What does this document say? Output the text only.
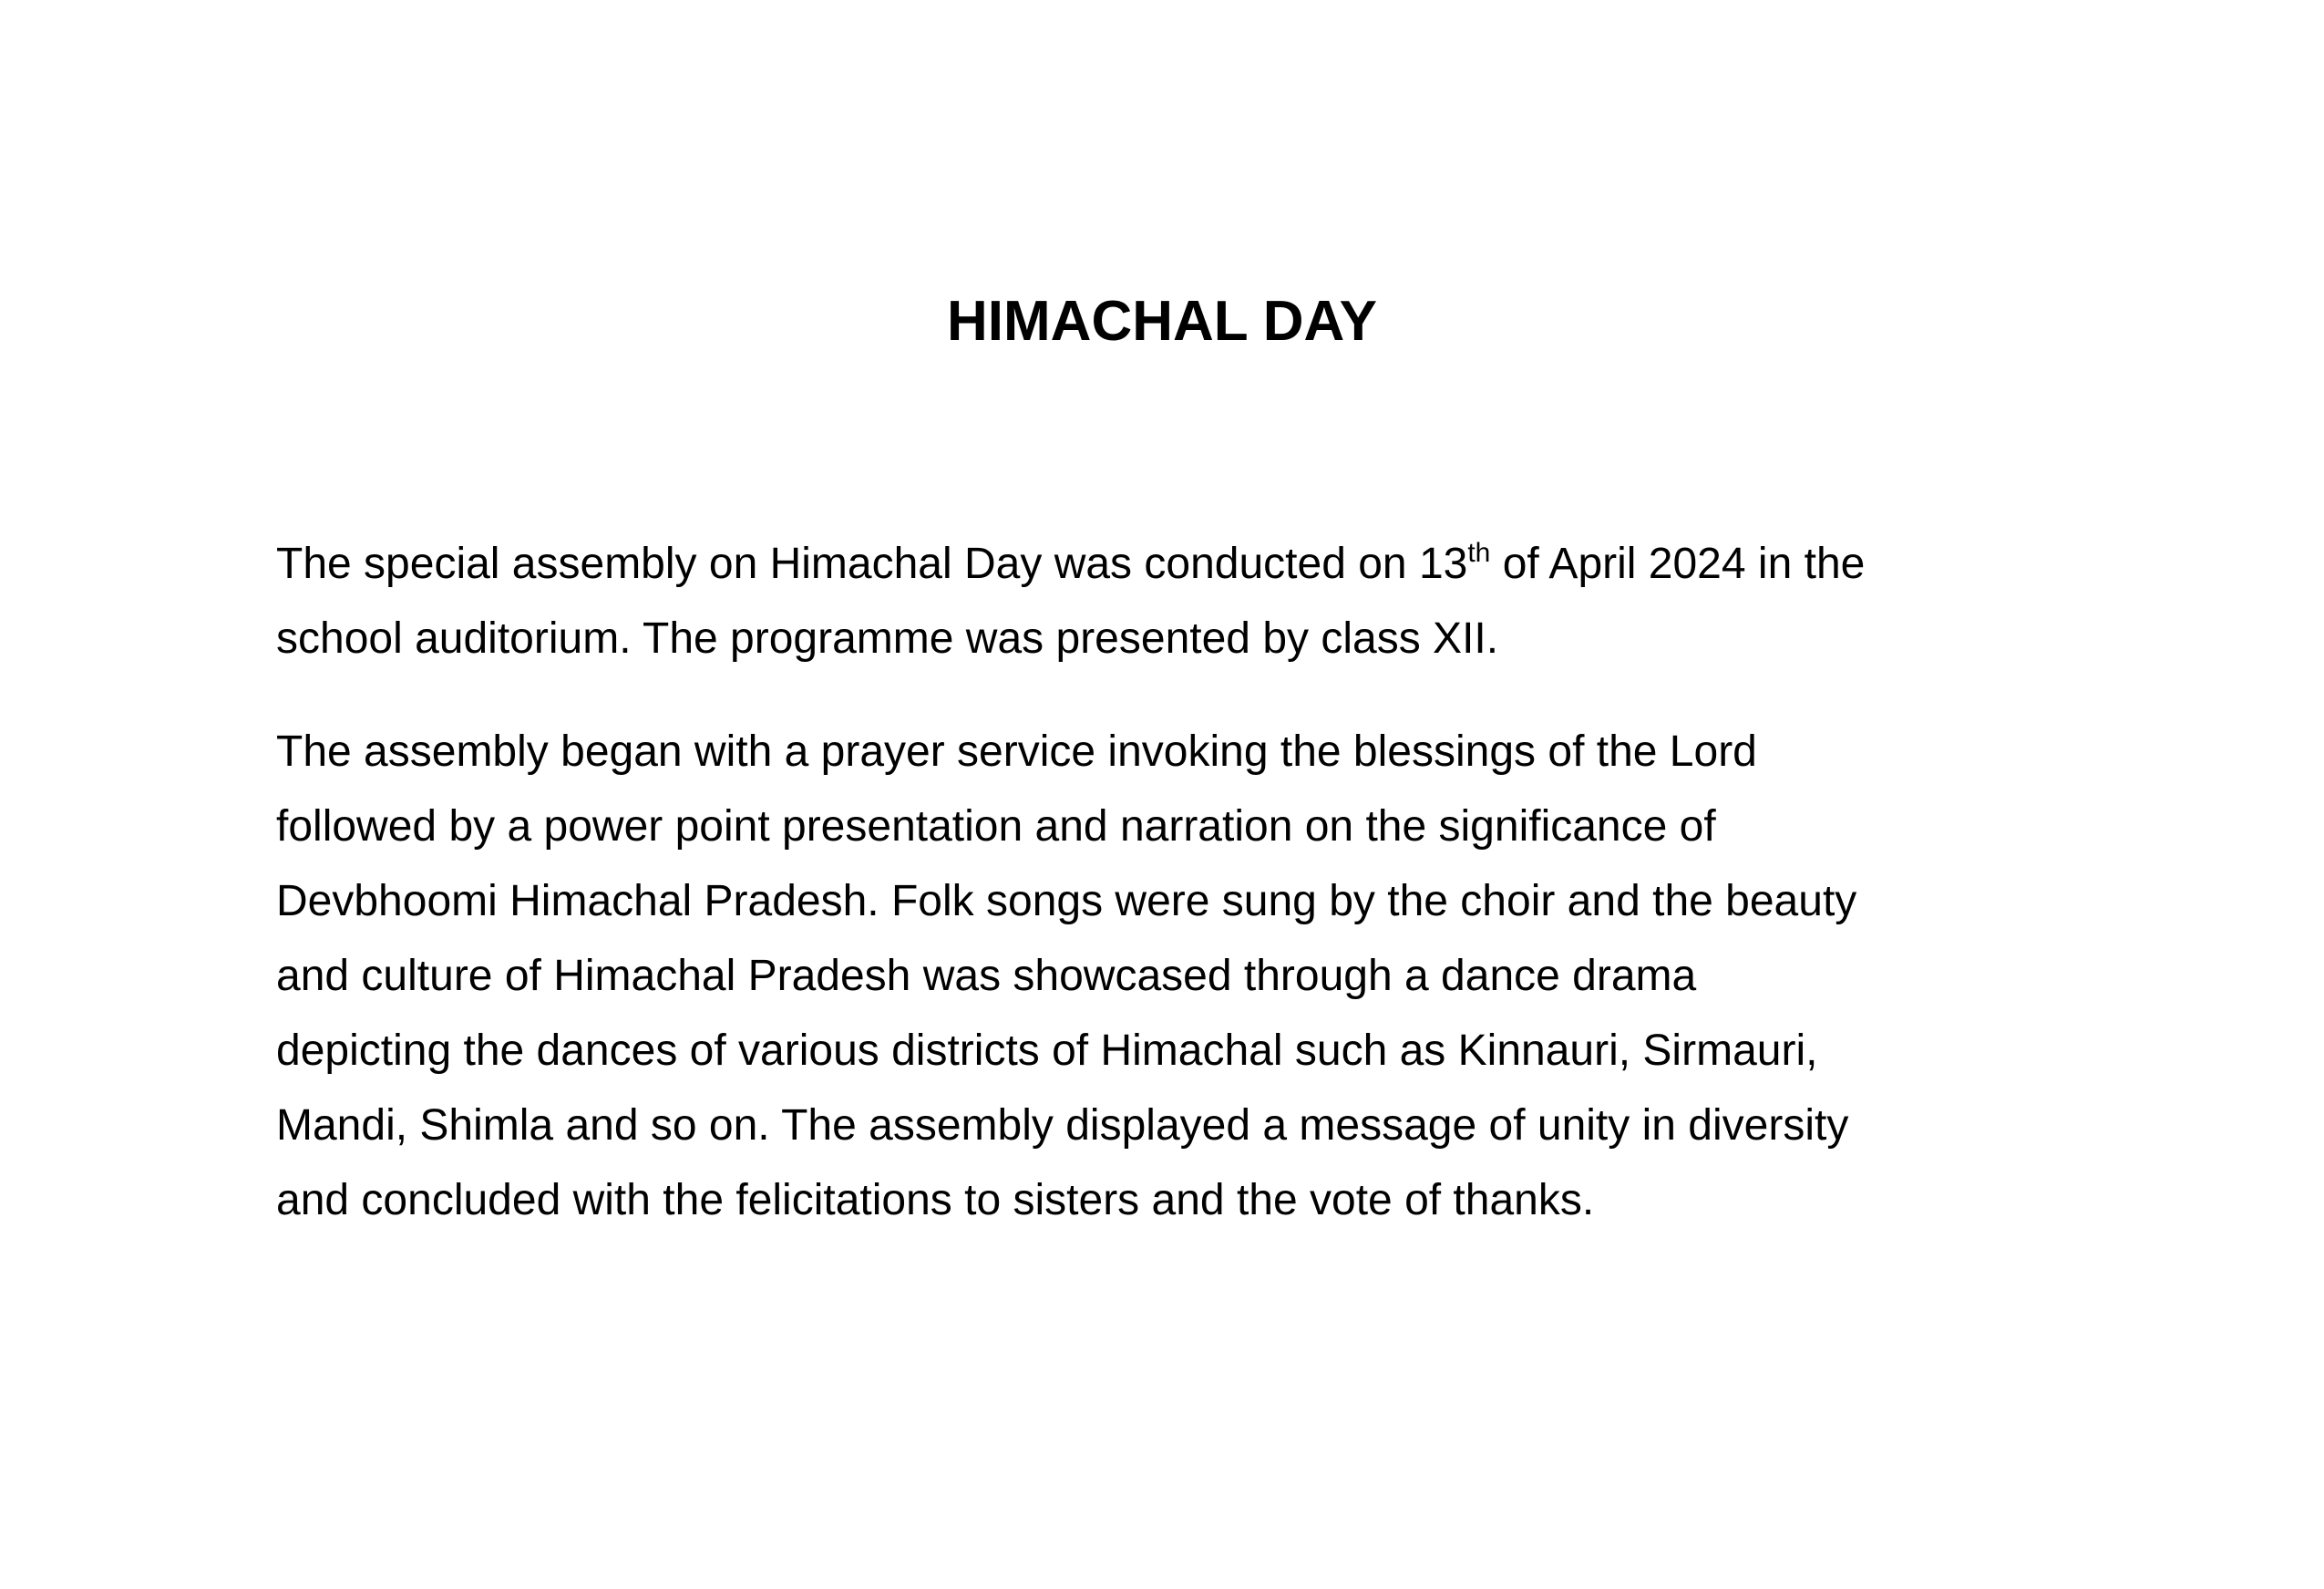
HIMACHAL DAY

The special assembly on Himachal Day was conducted on 13th of April 2024 in the
school auditorium. The programme was presented by class XII.

The assembly began with a prayer service invoking the blessings of the Lord
followed by a power point presentation and narration on the significance of
Devbhoomi Himachal Pradesh. Folk songs were sung by the choir and the beauty
and culture of Himachal Pradesh was showcased through a dance drama
depicting the dances of various districts of Himachal such as Kinnauri, Sirmauri,
Mandi, Shimla and so on. The assembly displayed a message of unity in diversity
and concluded with the felicitations to sisters and the vote of thanks.
